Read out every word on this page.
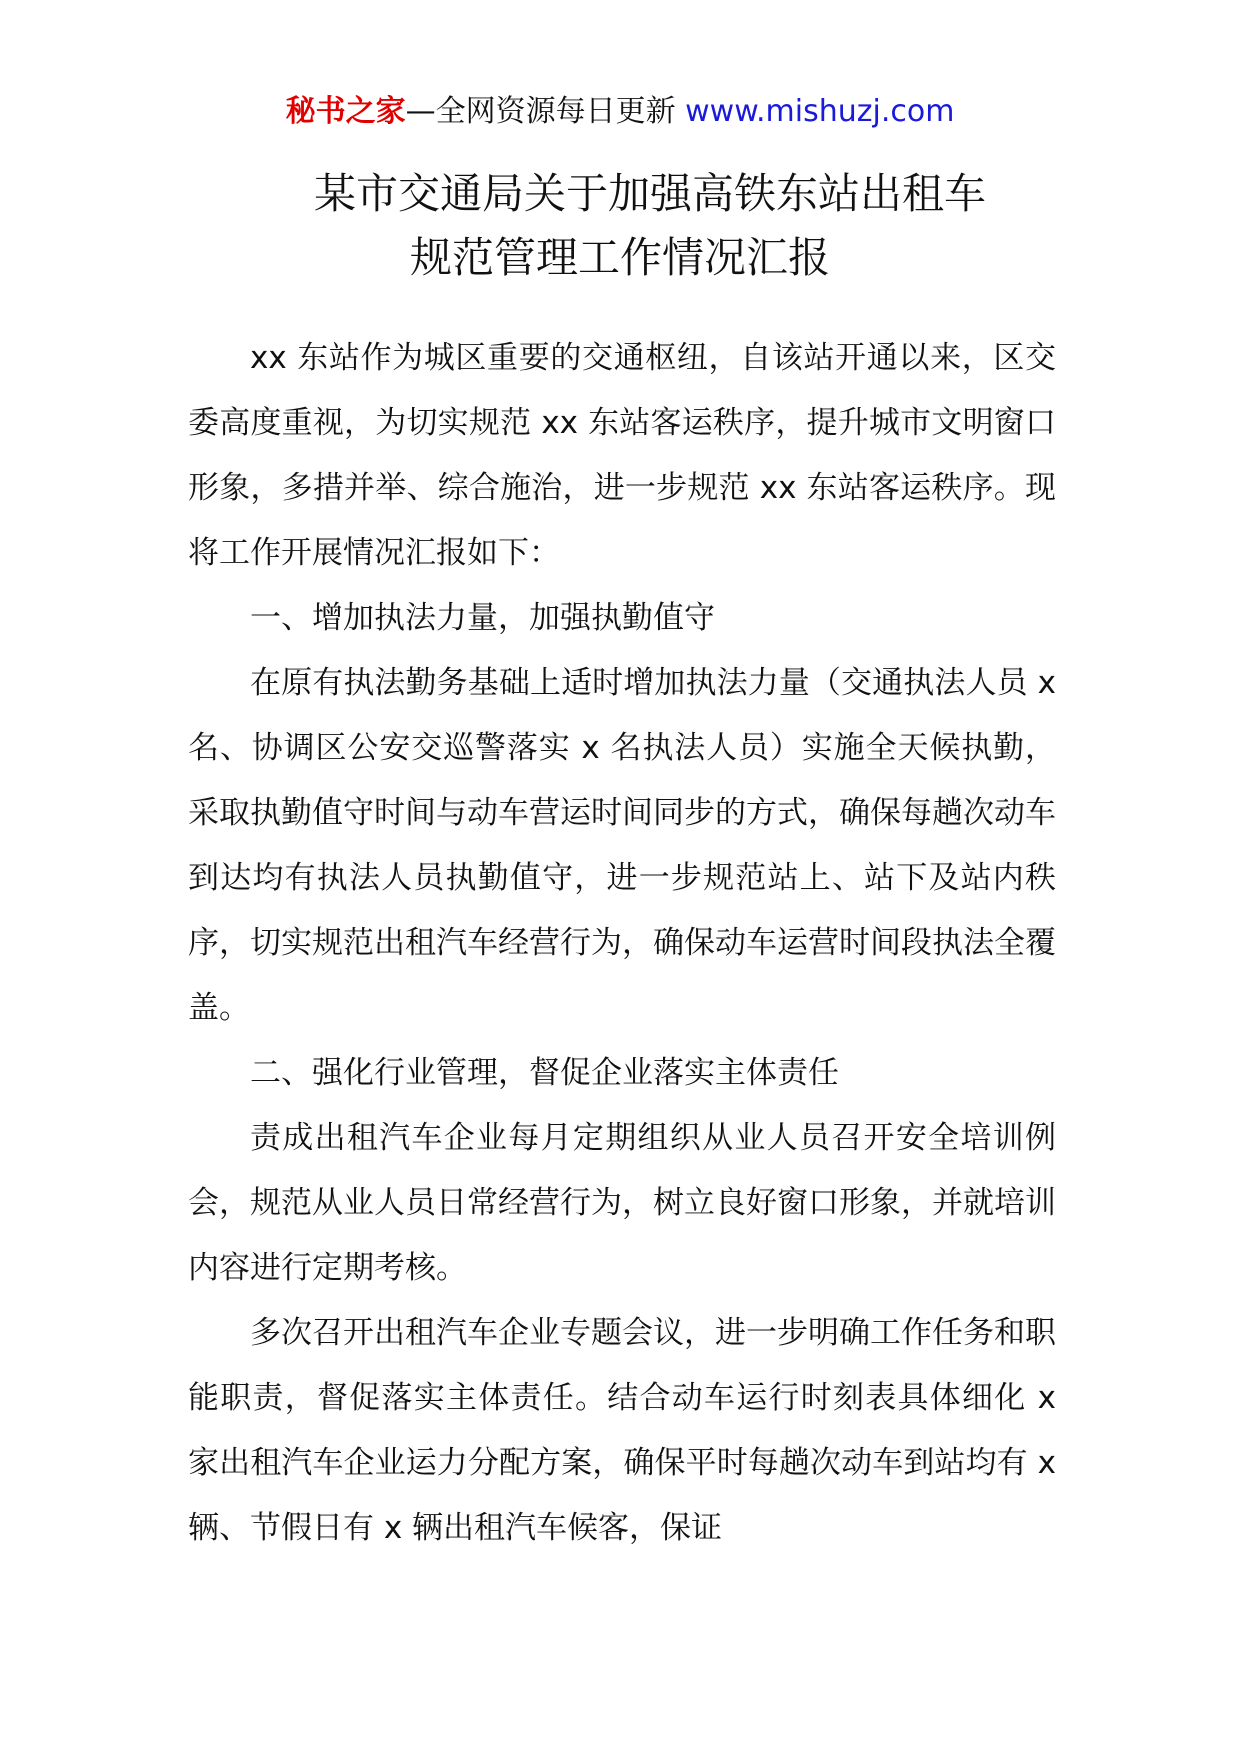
秘书之家—全网资源每日更新 www.mishuzj.com
某市交通局关于加强高铁东站出租车
规范管理工作情况汇报

xx 东站作为城区重要的交通枢纽，自该站开通以来，区交委高度重视，为切实规范 xx 东站客运秩序，提升城市文明窗口形象，多措并举、综合施治，进一步规范 xx 东站客运秩序。现将工作开展情况汇报如下：

一、增加执法力量，加强执勤值守

在原有执法勤务基础上适时增加执法力量（交通执法人员 x 名、协调区公安交巡警落实 x 名执法人员）实施全天候执勤，采取执勤值守时间与动车营运时间同步的方式，确保每趟次动车到达均有执法人员执勤值守，进一步规范站上、站下及站内秩序，切实规范出租汽车经营行为，确保动车运营时间段执法全覆盖。

二、强化行业管理，督促企业落实主体责任

责成出租汽车企业每月定期组织从业人员召开安全培训例会，规范从业人员日常经营行为，树立良好窗口形象，并就培训内容进行定期考核。

多次召开出租汽车企业专题会议，进一步明确工作任务和职能职责，督促落实主体责任。结合动车运行时刻表具体细化 x 家出租汽车企业运力分配方案，确保平时每趟次动车到站均有 x 辆、节假日有 x 辆出租汽车候客，保证
